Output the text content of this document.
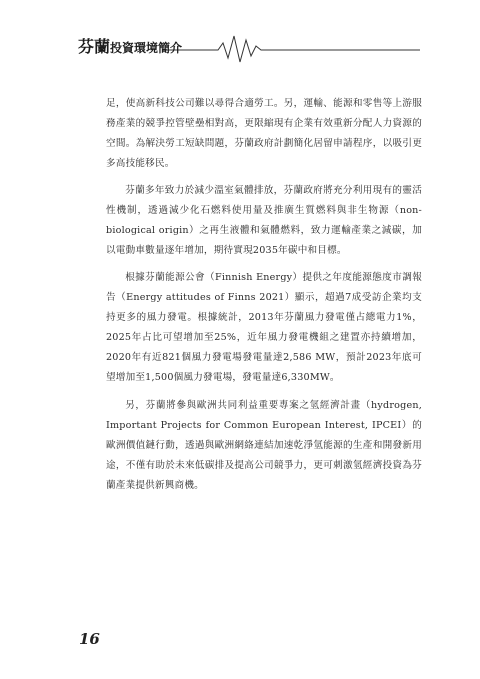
芬蘭投資環境簡介

足，使高新科技公司難以尋得合適勞工。另，運輸、能源和零售等上游服務產業的競爭控管壁壘相對高，更限縮現有企業有效重新分配人力資源的空間。為解決勞工短缺問題，芬蘭政府計劃簡化居留申請程序，以吸引更多高技能移民。

芬蘭多年致力於減少溫室氣體排放，芬蘭政府將充分利用現有的靈活性機制，透過減少化石燃料使用量及推廣生質燃料與非生物源（non-biological origin）之再生液體和氣體燃料，致力運輸產業之減碳，加以電動車數量逐年增加，期待實現2035年碳中和目標。

根據芬蘭能源公會（Finnish Energy）提供之年度能源態度市調報告（Energy attitudes of Finns 2021）顯示，超過7成受訪企業均支持更多的風力發電。根據統計，2013年芬蘭風力發電僅占總電力1%，2025年占比可望增加至25%，近年風力發電機組之建置亦持續增加，2020年有近821個風力發電場發電量達2,586 MW，預計2023年底可望增加至1,500個風力發電場，發電量達6,330MW。

另，芬蘭將參與歐洲共同利益重要專案之氫經濟計畫（hydrogen, Important Projects for Common European Interest, IPCEI）的歐洲價值鏈行動，透過與歐洲網絡連結加速乾淨氫能源的生產和開發新用途，不僅有助於未來低碳排及提高公司競爭力，更可刺激氫經濟投資為芬蘭產業提供新興商機。

16
